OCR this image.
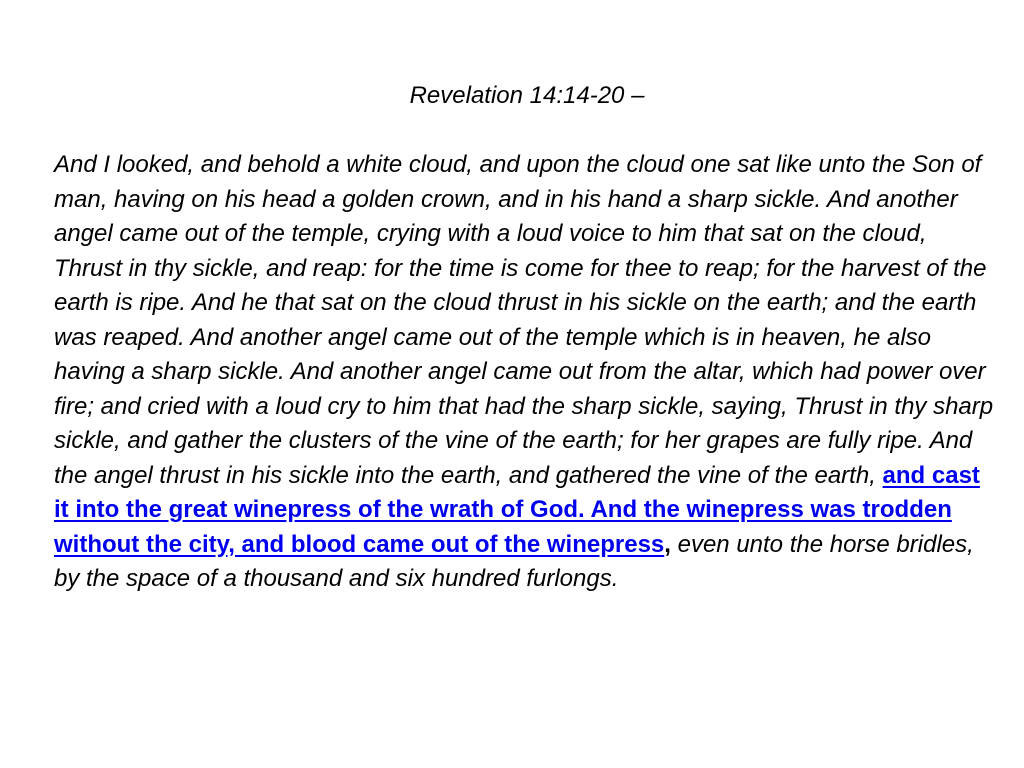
Revelation 14:14-20 –
And I looked, and behold a white cloud, and upon the cloud one sat like unto the Son of man, having on his head a golden crown, and in his hand a sharp sickle. And another angel came out of the temple, crying with a loud voice to him that sat on the cloud, Thrust in thy sickle, and reap: for the time is come for thee to reap; for the harvest of the earth is ripe. And he that sat on the cloud thrust in his sickle on the earth; and the earth was reaped. And another angel came out of the temple which is in heaven, he also having a sharp sickle. And another angel came out from the altar, which had power over fire; and cried with a loud cry to him that had the sharp sickle, saying, Thrust in thy sharp sickle, and gather the clusters of the vine of the earth; for her grapes are fully ripe. And the angel thrust in his sickle into the earth, and gathered the vine of the earth, and cast it into the great winepress of the wrath of God. And the winepress was trodden without the city, and blood came out of the winepress, even unto the horse bridles, by the space of a thousand and six hundred furlongs.
